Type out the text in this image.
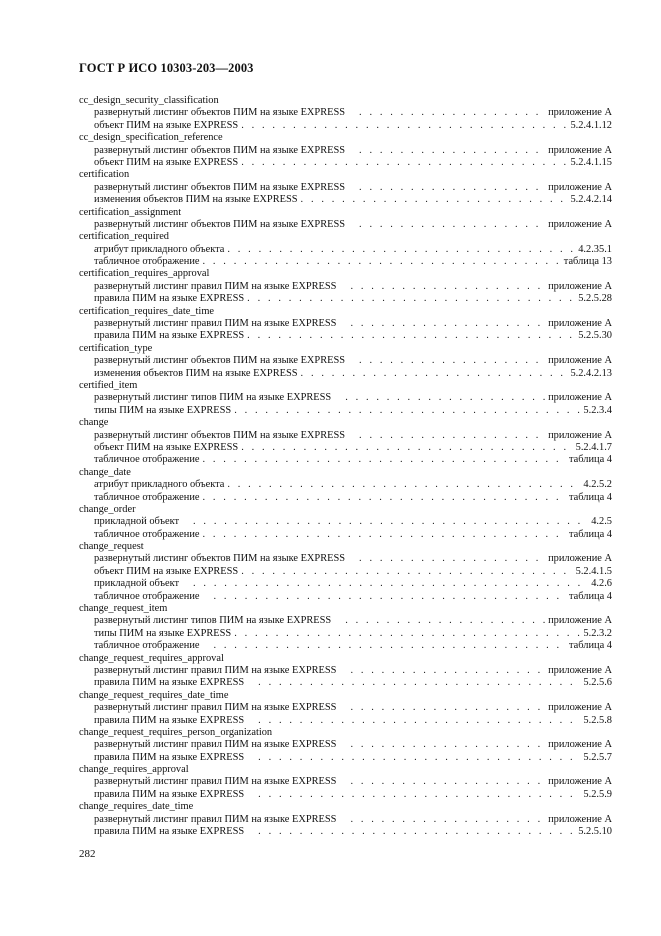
ГОСТ Р ИСО 10303-203—2003
cc_design_security_classification
развернутый листинг объектов ПИМ на языке EXPRESS . . .	приложение А
объект ПИМ на языке EXPRESS . . .	5.2.4.1.12
cc_design_specification_reference
развернутый листинг объектов ПИМ на языке EXPRESS . . .	приложение А
объект ПИМ на языке EXPRESS . . .	5.2.4.1.15
certification
развернутый листинг объектов ПИМ на языке EXPRESS . . .	приложение А
изменения объектов ПИМ на языке EXPRESS . . .	5.2.4.2.14
certification_assignment
развернутый листинг объектов ПИМ на языке EXPRESS . . .	приложение А
certification_required
атрибут прикладного объекта . . .	4.2.35.1
табличное отображение . . .	таблица 13
certification_requires_approval
развернутый листинг правил ПИМ на языке EXPRESS . . .	приложение А
правила ПИМ на языке EXPRESS . . .	5.2.5.28
certification_requires_date_time
развернутый листинг правил ПИМ на языке EXPRESS . . .	приложение А
правила ПИМ на языке EXPRESS . . .	5.2.5.30
certification_type
развернутый листинг объектов ПИМ на языке EXPRESS . . .	приложение А
изменения объектов ПИМ на языке EXPRESS . . .	5.2.4.2.13
certified_item
развернутый листинг типов ПИМ на языке EXPRESS . . .	приложение А
типы ПИМ на языке EXPRESS . . .	5.2.3.4
change
развернутый листинг объектов ПИМ на языке EXPRESS . . .	приложение А
объект ПИМ на языке EXPRESS . . .	5.2.4.1.7
табличное отображение . . .	таблица 4
change_date
атрибут прикладного объекта . . .	4.2.5.2
табличное отображение . . .	таблица 4
change_order
прикладной объект . . .	4.2.5
табличное отображение . . .	таблица 4
change_request
развернутый листинг объектов ПИМ на языке EXPRESS . . .	приложение А
объект ПИМ на языке EXPRESS . . .	5.2.4.1.5
прикладной объект . . .	4.2.6
табличное отображение . . .	таблица 4
change_request_item
развернутый листинг типов ПИМ на языке EXPRESS . . .	приложение А
типы ПИМ на языке EXPRESS . . .	5.2.3.2
табличное отображение . . .	таблица 4
change_request_requires_approval
развернутый листинг правил ПИМ на языке EXPRESS . . .	приложение А
правила ПИМ на языке EXPRESS . . .	5.2.5.6
change_request_requires_date_time
развернутый листинг правил ПИМ на языке EXPRESS . . .	приложение А
правила ПИМ на языке EXPRESS . . .	5.2.5.8
change_request_requires_person_organization
развернутый листинг правил ПИМ на языке EXPRESS . . .	приложение А
правила ПИМ на языке EXPRESS . . .	5.2.5.7
change_requires_approval
развернутый листинг правил ПИМ на языке EXPRESS . . .	приложение А
правила ПИМ на языке EXPRESS . . .	5.2.5.9
change_requires_date_time
развернутый листинг правил ПИМ на языке EXPRESS . . .	приложение А
правила ПИМ на языке EXPRESS . . .	5.2.5.10
282
